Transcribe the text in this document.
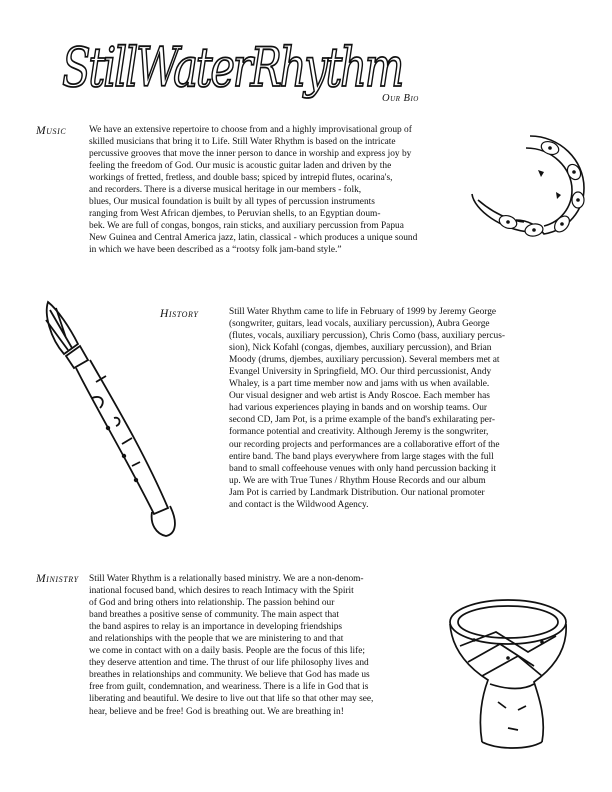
StillWaterRhythm
Our Bio
Music We have an extensive repertoire to choose from and a highly improvisational group of
skilled musicians that bring it to Life. Still Water Rhythm is based on the intricate
percussive grooves that move the inner person to dance in worship and express joy by
feeling the freedom of God. Our music is acoustic guitar laden and driven by the
workings of fretted, fretless, and double bass; spiced by intrepid flutes, ocarina's,
and recorders. There is a diverse musical heritage in our members - folk,
blues, Our musical foundation is built by all types of percussion instruments
ranging from West African djembes, to Peruvian shells, to an Egyptian doum-
bek. We are full of congas, bongos, rain sticks, and auxiliary percussion from Papua
New Guinea and Central America jazz, latin, classical - which produces a unique sound
in which we have been described as a “rootsy folk jam-band style.”

History	Still Water Rhythm came to life in February of 1999 by Jeremy George
(songwriter, guitars, lead vocals, auxiliary percussion), Aubra George
(flutes, vocals, auxiliary percussion), Chris Como (bass, auxiliary percus-
sion), Nick Kofahl (congas, djembes, auxiliary percussion), and Brian
Moody (drums, djembes, auxiliary percussion). Several members met at
Evangel University in Springfield, MO. Our third percussionist, Andy
Whaley, is a part time member now and jams with us when available.
Our visual designer and web artist is Andy Roscoe. Each member has
had various experiences playing in bands and on worship teams. Our
second CD, Jam Pot, is a prime example of the band's exhilarating per-
formance potential and creativity. Although Jeremy is the songwriter,
our recording projects and performances are a collaborative effort of the
entire band. The band plays everywhere from large stages with the full
band to small coffeehouse venues with only hand percussion backing it
up. We are with True Tunes / Rhythm House Records and our album
Jam Pot is carried by Landmark Distribution. Our national promoter
and contact is the Wildwood Agency.

Ministry Still Water Rhythm is a relationally based ministry. We are a non-denom-
inational focused band, which desires to reach Intimacy with the Spirit
of God and bring others into relationship. The passion behind our
band breathes a positive sense of community. The main aspect that
the band aspires to relay is an importance in developing friendships
and relationships with the people that we are ministering to and that
we come in contact with on a daily basis. People are the focus of this life;
they deserve attention and time. The thrust of our life philosophy lives and
breathes in relationships and community. We believe that God has made us
free from guilt, condemnation, and weariness. There is a life in God that is
liberating and beautiful. We desire to live out that life so that other may see,
hear, believe and be free! God is breathing out. We are breathing in!
